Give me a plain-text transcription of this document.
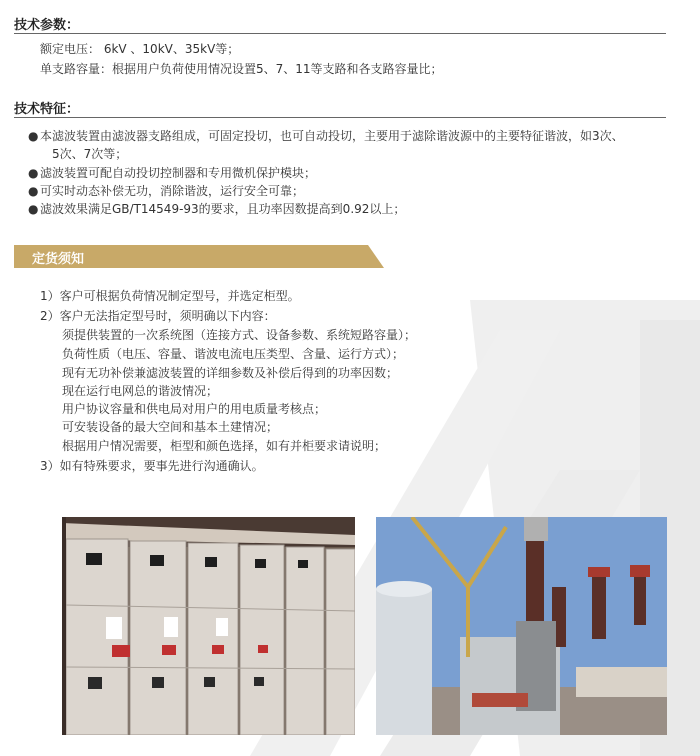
技术参数：
额定电压： 6kV 、10kV、35kV等；
单支路容量：根据用户负荷使用情况设置5、7、11等支路和各支路容量比；
技术特征：
● 本滤波装置由滤波器支路组成，可固定投切，也可自动投切，主要用于滤除谐波源中的主要特征谐波，如3次、
5次、7次等；
● 滤波装置可配自动投切控制器和专用微机保护模块；
● 可实时动态补偿无功，消除谐波，运行安全可靠；
● 滤波效果满足GB/T14549-93的要求，且功率因数提高到0.92以上；
定货须知
1）客户可根据负荷情况制定型号，并选定柜型。
2）客户无法指定型号时，须明确以下内容：
须提供装置的一次系统图（连接方式、设备参数、系统短路容量）；
负荷性质（电压、容量、谐波电流电压类型、含量、运行方式）；
现有无功补偿兼滤波装置的详细参数及补偿后得到的功率因数；
现在运行电网总的谐波情况；
用户协议容量和供电局对用户的用电质量考核点；
可安装设备的最大空间和基本土建情况；
根据用户情况需要，柜型和颜色选择，如有并柜要求请说明；
3）如有特殊要求，要事先进行沟通确认。
